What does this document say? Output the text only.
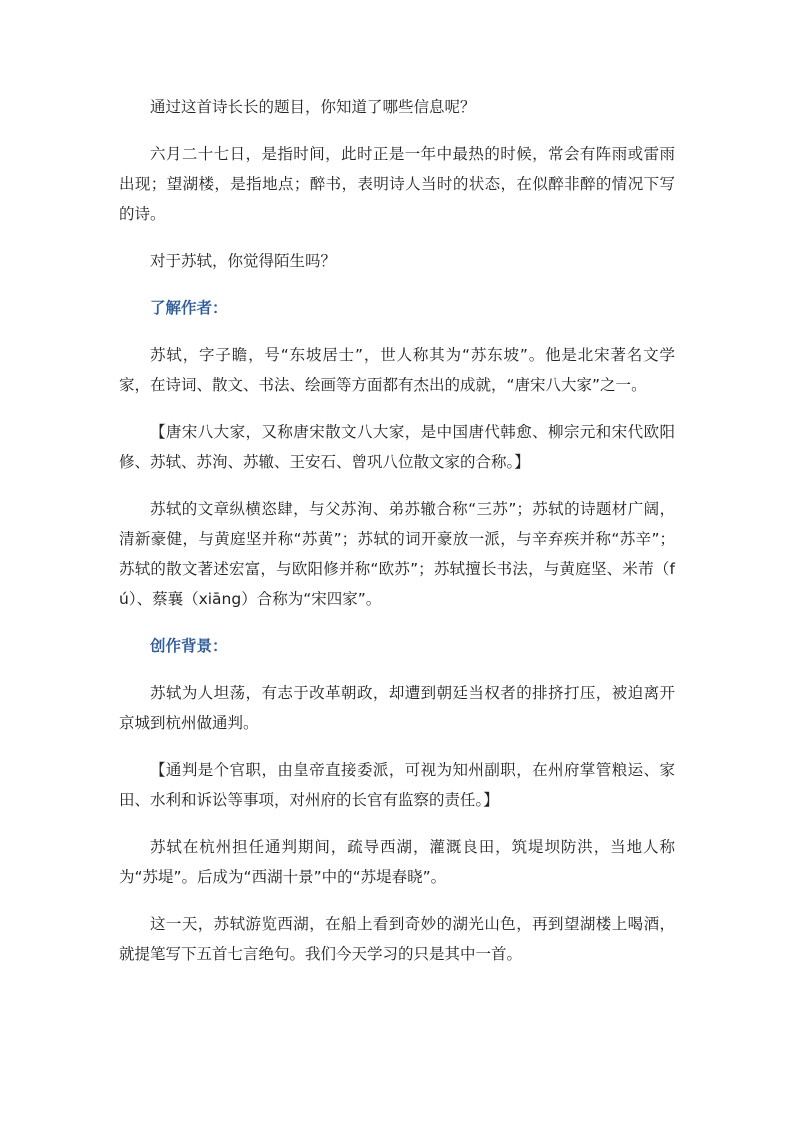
通过这首诗长长的题目，你知道了哪些信息呢？

六月二十七日，是指时间，此时正是一年中最热的时候，常会有阵雨或雷雨出现；望湖楼，是指地点；醉书，表明诗人当时的状态，在似醉非醉的情况下写的诗。

对于苏轼，你觉得陌生吗？

了解作者：

苏轼，字子瞻，号“东坡居士”，世人称其为“苏东坡”。他是北宋著名文学家，在诗词、散文、书法、绘画等方面都有杰出的成就，“唐宋八大家”之一。

【唐宋八大家，又称唐宋散文八大家，是中国唐代韩愈、柳宗元和宋代欧阳修、苏轼、苏洵、苏辙、王安石、曾巩八位散文家的合称。】

苏轼的文章纵横恣肆，与父苏洵、弟苏辙合称“三苏”；苏轼的诗题材广阔，清新豪健，与黄庭坚并称“苏黄”；苏轼的词开豪放一派，与辛弃疾并称“苏辛”；苏轼的散文著述宏富，与欧阳修并称“欧苏”；苏轼擅长书法，与黄庭坚、米芾（fú）、蔡襄（xiāng）合称为“宋四家”。

创作背景：

苏轼为人坦荡，有志于改革朝政，却遭到朝廷当权者的排挤打压，被迫离开京城到杭州做通判。

【通判是个官职，由皇帝直接委派，可视为知州副职，在州府掌管粮运、家田、水利和诉讼等事项，对州府的长官有监察的责任。】

苏轼在杭州担任通判期间，疏导西湖，灌溉良田，筑堤坝防洪，当地人称为“苏堤”。后成为“西湖十景”中的“苏堤春晓”。

这一天，苏轼游览西湖，在船上看到奇妙的湖光山色，再到望湖楼上喝酒，就提笔写下五首七言绝句。我们今天学习的只是其中一首。
